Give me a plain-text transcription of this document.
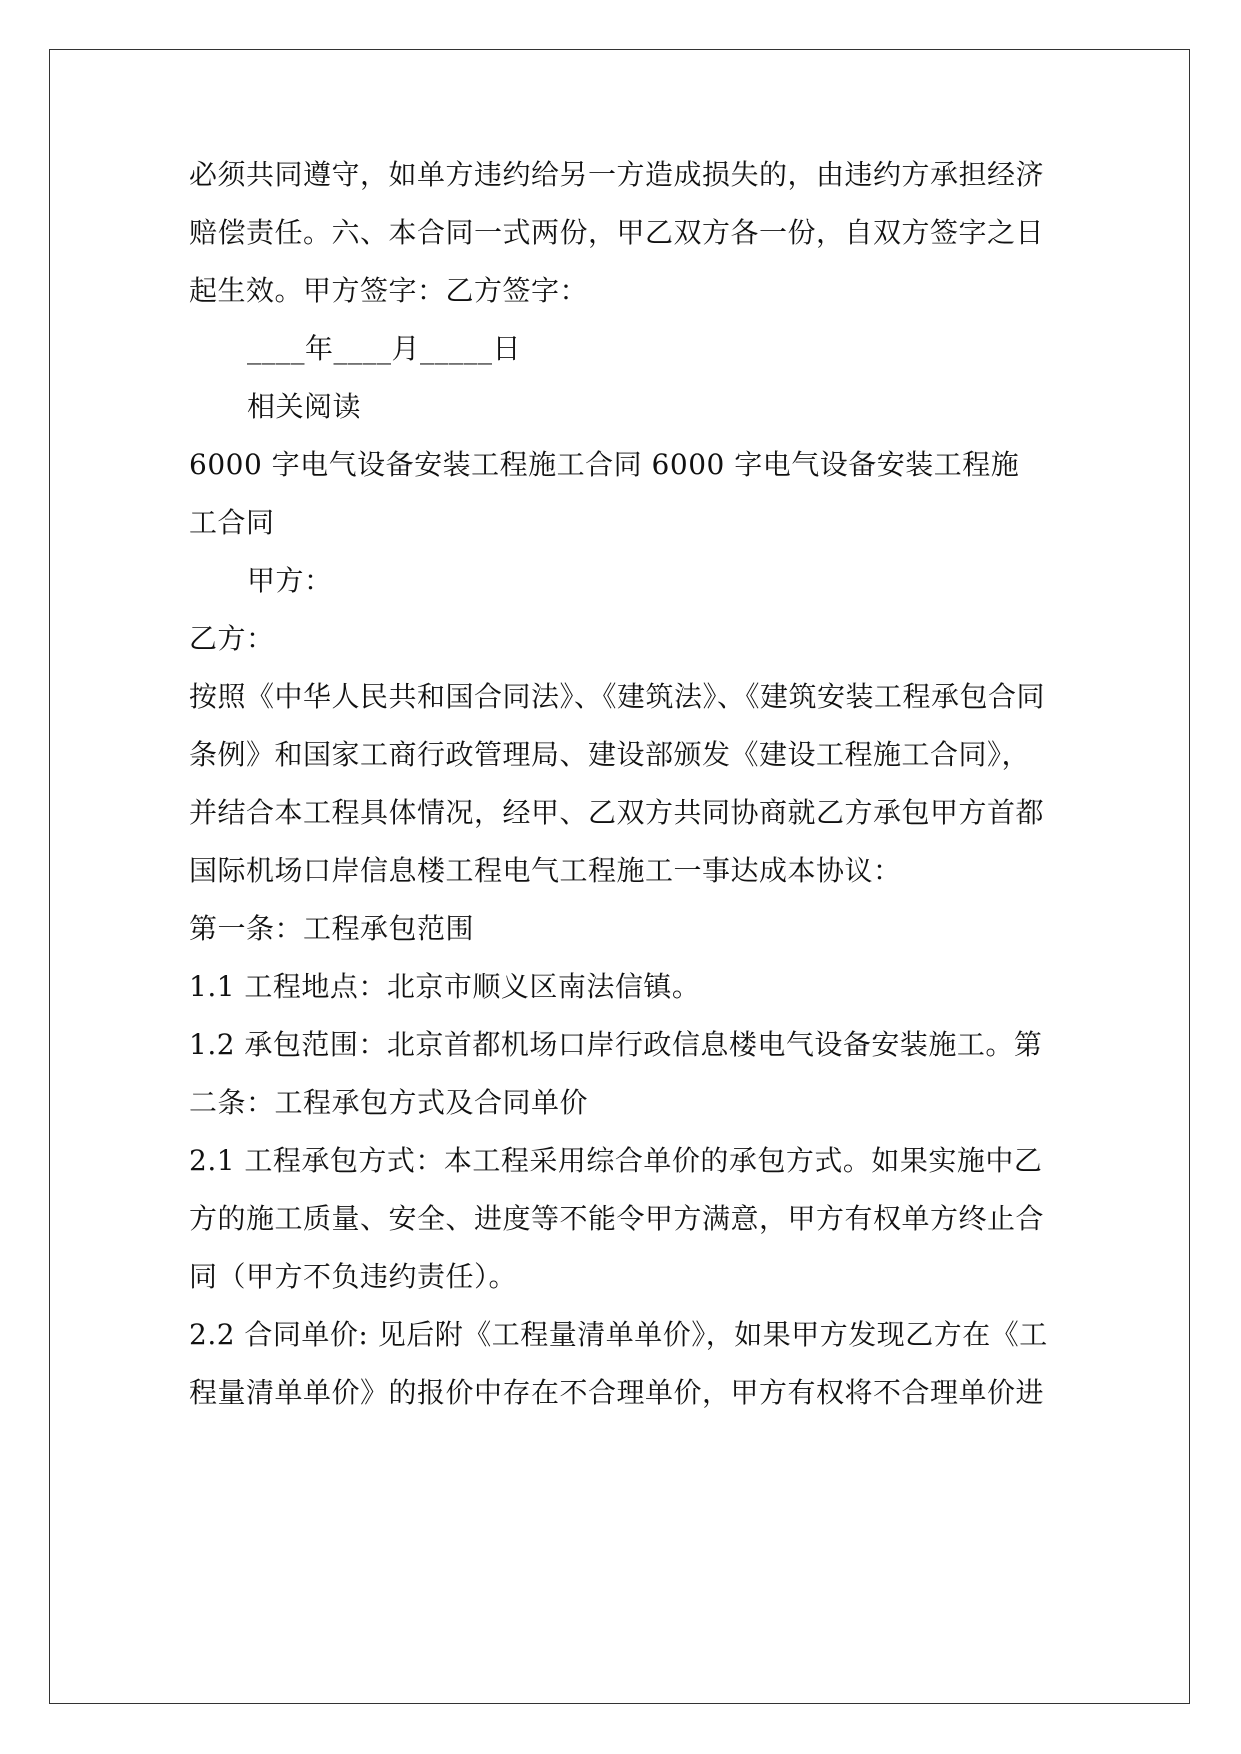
必须共同遵守，如单方违约给另一方造成损失的，由违约方承担经济
赔偿责任。六、本合同一式两份，甲乙双方各一份，自双方签字之日
起生效。甲方签字：乙方签字：
____年____月_____日
相关阅读
6000 字电气设备安装工程施工合同 6000 字电气设备安装工程施
工合同
甲方：
乙方：
按照《中华人民共和国合同法》、《建筑法》、《建筑安装工程承包合同
条例》和国家工商行政管理局、建设部颁发《建设工程施工合同》，
并结合本工程具体情况，经甲、乙双方共同协商就乙方承包甲方首都
国际机场口岸信息楼工程电气工程施工一事达成本协议：
第一条：工程承包范围
1.1 工程地点：北京市顺义区南法信镇。
1.2 承包范围：北京首都机场口岸行政信息楼电气设备安装施工。第
二条：工程承包方式及合同单价
2.1 工程承包方式：本工程采用综合单价的承包方式。如果实施中乙
方的施工质量、安全、进度等不能令甲方满意，甲方有权单方终止合
同（甲方不负违约责任）。
2.2 合同单价: 见后附《工程量清单单价》，如果甲方发现乙方在《工
程量清单单价》的报价中存在不合理单价，甲方有权将不合理单价进
